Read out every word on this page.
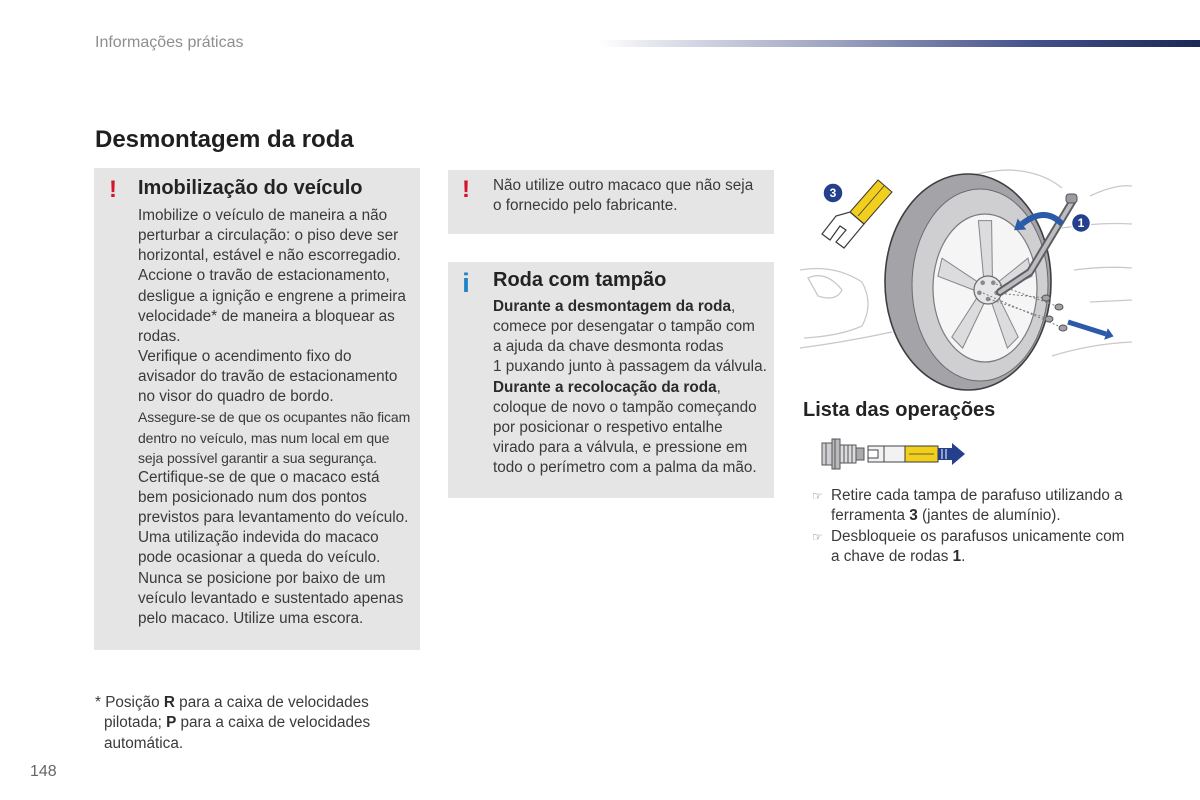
Informações práticas
Desmontagem da roda
!
Imobilização do veículo
Imobilize o veículo de maneira a não
perturbar a circulação: o piso deve ser
horizontal, estável e não escorregadio.
Accione o travão de estacionamento,
desligue a ignição e engrene a primeira
velocidade* de maneira a bloquear as
rodas.
Verifique o acendimento fixo do
avisador do travão de estacionamento
no visor do quadro de bordo.
Assegure-se de que os ocupantes não ficam
dentro no veículo, mas num local em que
seja possível garantir a sua segurança.
Certifique-se de que o macaco está
bem posicionado num dos pontos
previstos para levantamento do veículo.
Uma utilização indevida do macaco
pode ocasionar a queda do veículo.
Nunca se posicione por baixo de um
veículo levantado e sustentado apenas
pelo macaco. Utilize uma escora.
!
Não utilize outro macaco que não seja
o fornecido pelo fabricante.
i
Roda com tampão
Durante a desmontagem da roda,
comece por desengatar o tampão com
a ajuda da chave desmonta rodas
1 puxando junto à passagem da válvula.
Durante a recolocação da roda,
coloque de novo o tampão começando
por posicionar o respetivo entalhe
virado para a válvula, e pressione em
todo o perímetro com a palma da mão.
3
1
Lista das operações
☞
Retire cada tampa de parafuso utilizando a
ferramenta 3 (jantes de alumínio).
☞
Desbloqueie os parafusos unicamente com
a chave de rodas 1.
* Posição R para a caixa de velocidades
pilotada; P para a caixa de velocidades
automática.
148
